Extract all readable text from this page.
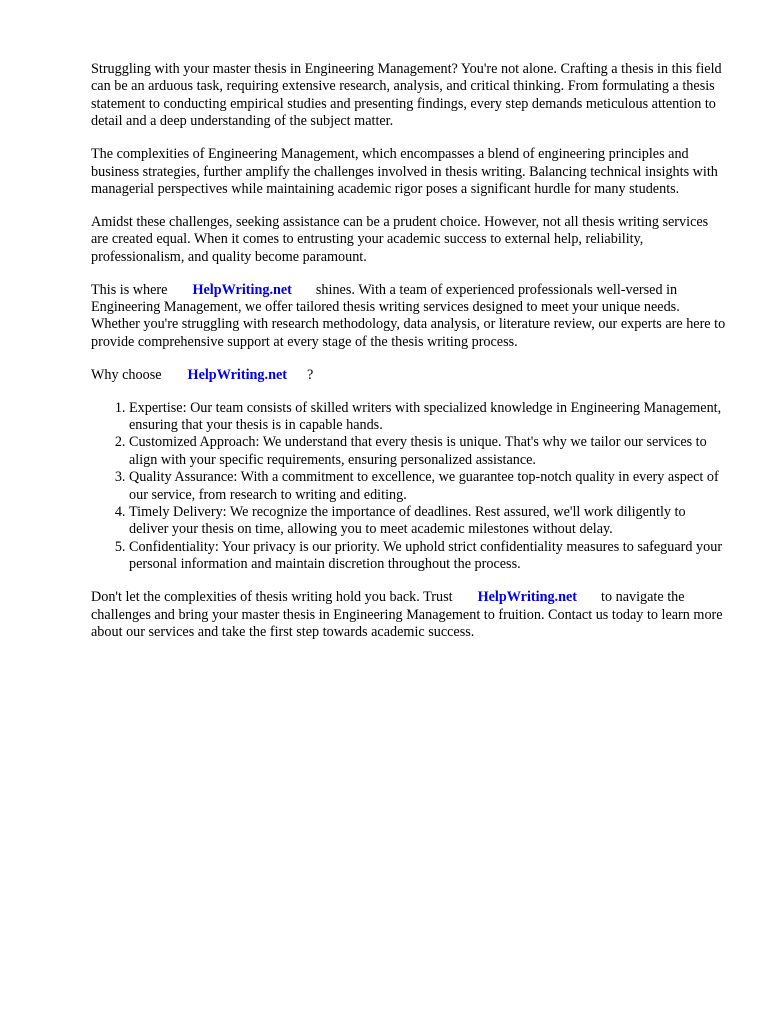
Struggling with your master thesis in Engineering Management? You're not alone. Crafting a thesis in this field can be an arduous task, requiring extensive research, analysis, and critical thinking. From formulating a thesis statement to conducting empirical studies and presenting findings, every step demands meticulous attention to detail and a deep understanding of the subject matter.

The complexities of Engineering Management, which encompasses a blend of engineering principles and business strategies, further amplify the challenges involved in thesis writing. Balancing technical insights with managerial perspectives while maintaining academic rigor poses a significant hurdle for many students.

Amidst these challenges, seeking assistance can be a prudent choice. However, not all thesis writing services are created equal. When it comes to entrusting your academic success to external help, reliability, professionalism, and quality become paramount.

This is where HelpWriting.net shines. With a team of experienced professionals well-versed in Engineering Management, we offer tailored thesis writing services designed to meet your unique needs. Whether you're struggling with research methodology, data analysis, or literature review, our experts are here to provide comprehensive support at every stage of the thesis writing process.

Why choose HelpWriting.net ?

1. Expertise: Our team consists of skilled writers with specialized knowledge in Engineering Management, ensuring that your thesis is in capable hands.
2. Customized Approach: We understand that every thesis is unique. That's why we tailor our services to align with your specific requirements, ensuring personalized assistance.
3. Quality Assurance: With a commitment to excellence, we guarantee top-notch quality in every aspect of our service, from research to writing and editing.
4. Timely Delivery: We recognize the importance of deadlines. Rest assured, we'll work diligently to deliver your thesis on time, allowing you to meet academic milestones without delay.
5. Confidentiality: Your privacy is our priority. We uphold strict confidentiality measures to safeguard your personal information and maintain discretion throughout the process.

Don't let the complexities of thesis writing hold you back. Trust HelpWriting.net to navigate the challenges and bring your master thesis in Engineering Management to fruition. Contact us today to learn more about our services and take the first step towards academic success.
